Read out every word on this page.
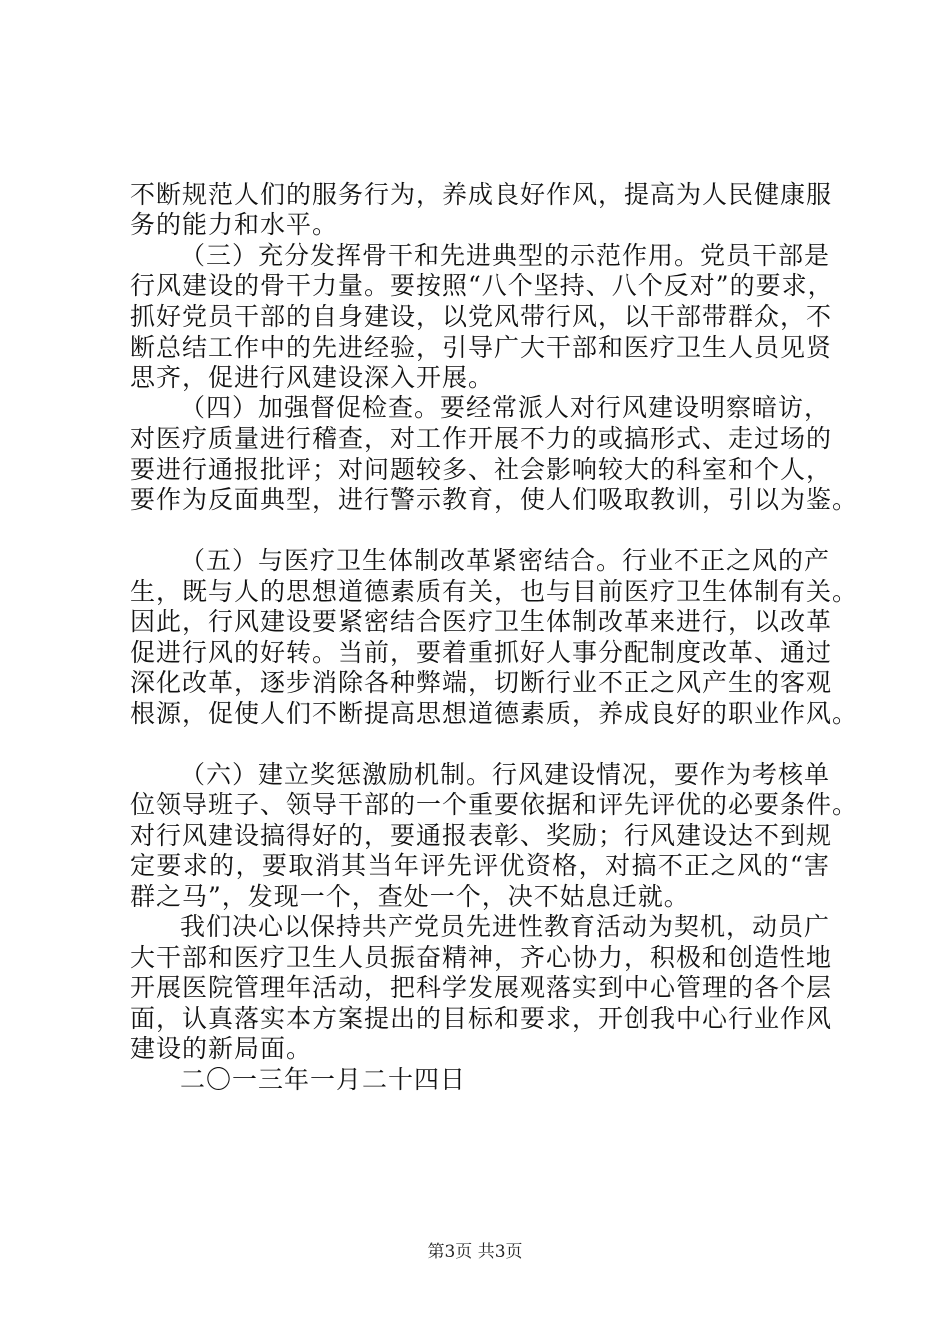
不断规范人们的服务行为，养成良好作风，提高为人民健康服
务的能力和水平。
（三）充分发挥骨干和先进典型的示范作用。党员干部是
行风建设的骨干力量。要按照“八个坚持、八个反对”的要求，
抓好党员干部的自身建设，以党风带行风，以干部带群众，不
断总结工作中的先进经验，引导广大干部和医疗卫生人员见贤
思齐，促进行风建设深入开展。
（四）加强督促检查。要经常派人对行风建设明察暗访，
对医疗质量进行稽查，对工作开展不力的或搞形式、走过场的
要进行通报批评；对问题较多、社会影响较大的科室和个人，
要作为反面典型，进行警示教育，使人们吸取教训，引以为鉴。
（五）与医疗卫生体制改革紧密结合。行业不正之风的产
生，既与人的思想道德素质有关，也与目前医疗卫生体制有关。
因此，行风建设要紧密结合医疗卫生体制改革来进行，以改革
促进行风的好转。当前，要着重抓好人事分配制度改革、通过
深化改革，逐步消除各种弊端，切断行业不正之风产生的客观
根源，促使人们不断提高思想道德素质，养成良好的职业作风。
（六）建立奖惩激励机制。行风建设情况，要作为考核单
位领导班子、领导干部的一个重要依据和评先评优的必要条件。
对行风建设搞得好的，要通报表彰、奖励；行风建设达不到规
定要求的，要取消其当年评先评优资格，对搞不正之风的“害
群之马”，发现一个，查处一个，决不姑息迁就。
我们决心以保持共产党员先进性教育活动为契机，动员广
大干部和医疗卫生人员振奋精神，齐心协力，积极和创造性地
开展医院管理年活动，把科学发展观落实到中心管理的各个层
面，认真落实本方案提出的目标和要求，开创我中心行业作风
建设的新局面。
二〇一三年一月二十四日
第3页 共3页
